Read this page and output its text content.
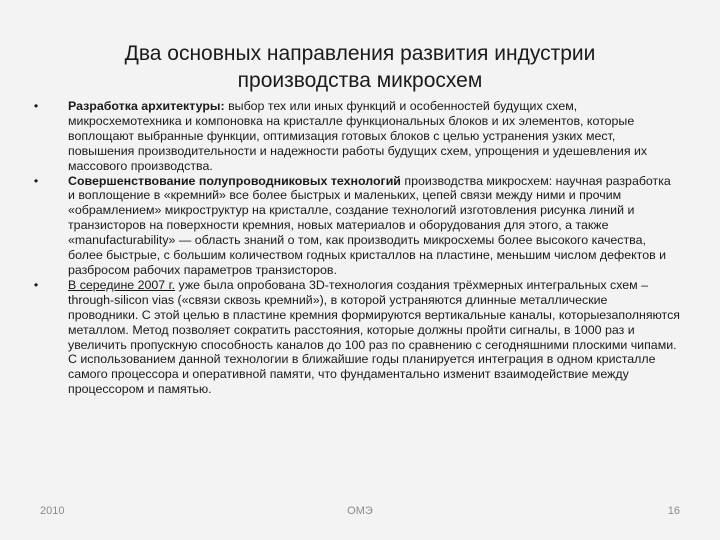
Два основных направления развития индустрии
производства микросхем
•	Разработка архитектуры: выбор тех или иных функций и особенностей будущих схем, микросхемотехника и компоновка на кристалле функциональных блоков и их элементов, которые воплощают выбранные функции, оптимизация готовых блоков с целью устранения узких мест, повышения производительности и надежности работы будущих схем, упрощения и удешевления их массового производства.
•	Совершенствование полупроводниковых технологий производства микросхем: научная разработка и воплощение в «кремний» все более быстрых и маленьких, цепей связи между ними и прочим «обрамлением» микроструктур на кристалле, создание технологий изготовления рисунка линий и транзисторов на поверхности кремния, новых материалов и оборудования для этого, а также «manufacturability» — область знаний о том, как производить микросхемы более высокого качества, более быстрые, с большим количеством годных кристаллов на пластине, меньшим числом дефектов и разбросом рабочих параметров транзисторов.
•	В середине 2007 г. уже была опробована 3D-технология создания трёхмерных интегральных схем – through-silicon vias («связи сквозь кремний»), в которой устраняются длинные металлические проводники. С этой целью в пластине кремния формируются вертикальные каналы, которыезаполняются металлом. Метод позволяет сократить расстояния, которые должны пройти сигналы, в 1000 раз и увеличить пропускную способность каналов до 100 раз по сравнению с сегодняшними плоскими чипами. С использованием данной технологии в ближайшие годы планируется интеграция в одном кристалле самого процессора и оперативной памяти, что фундаментально изменит взаимодействие между процессором и памятью.
2010	ОМЭ	16
